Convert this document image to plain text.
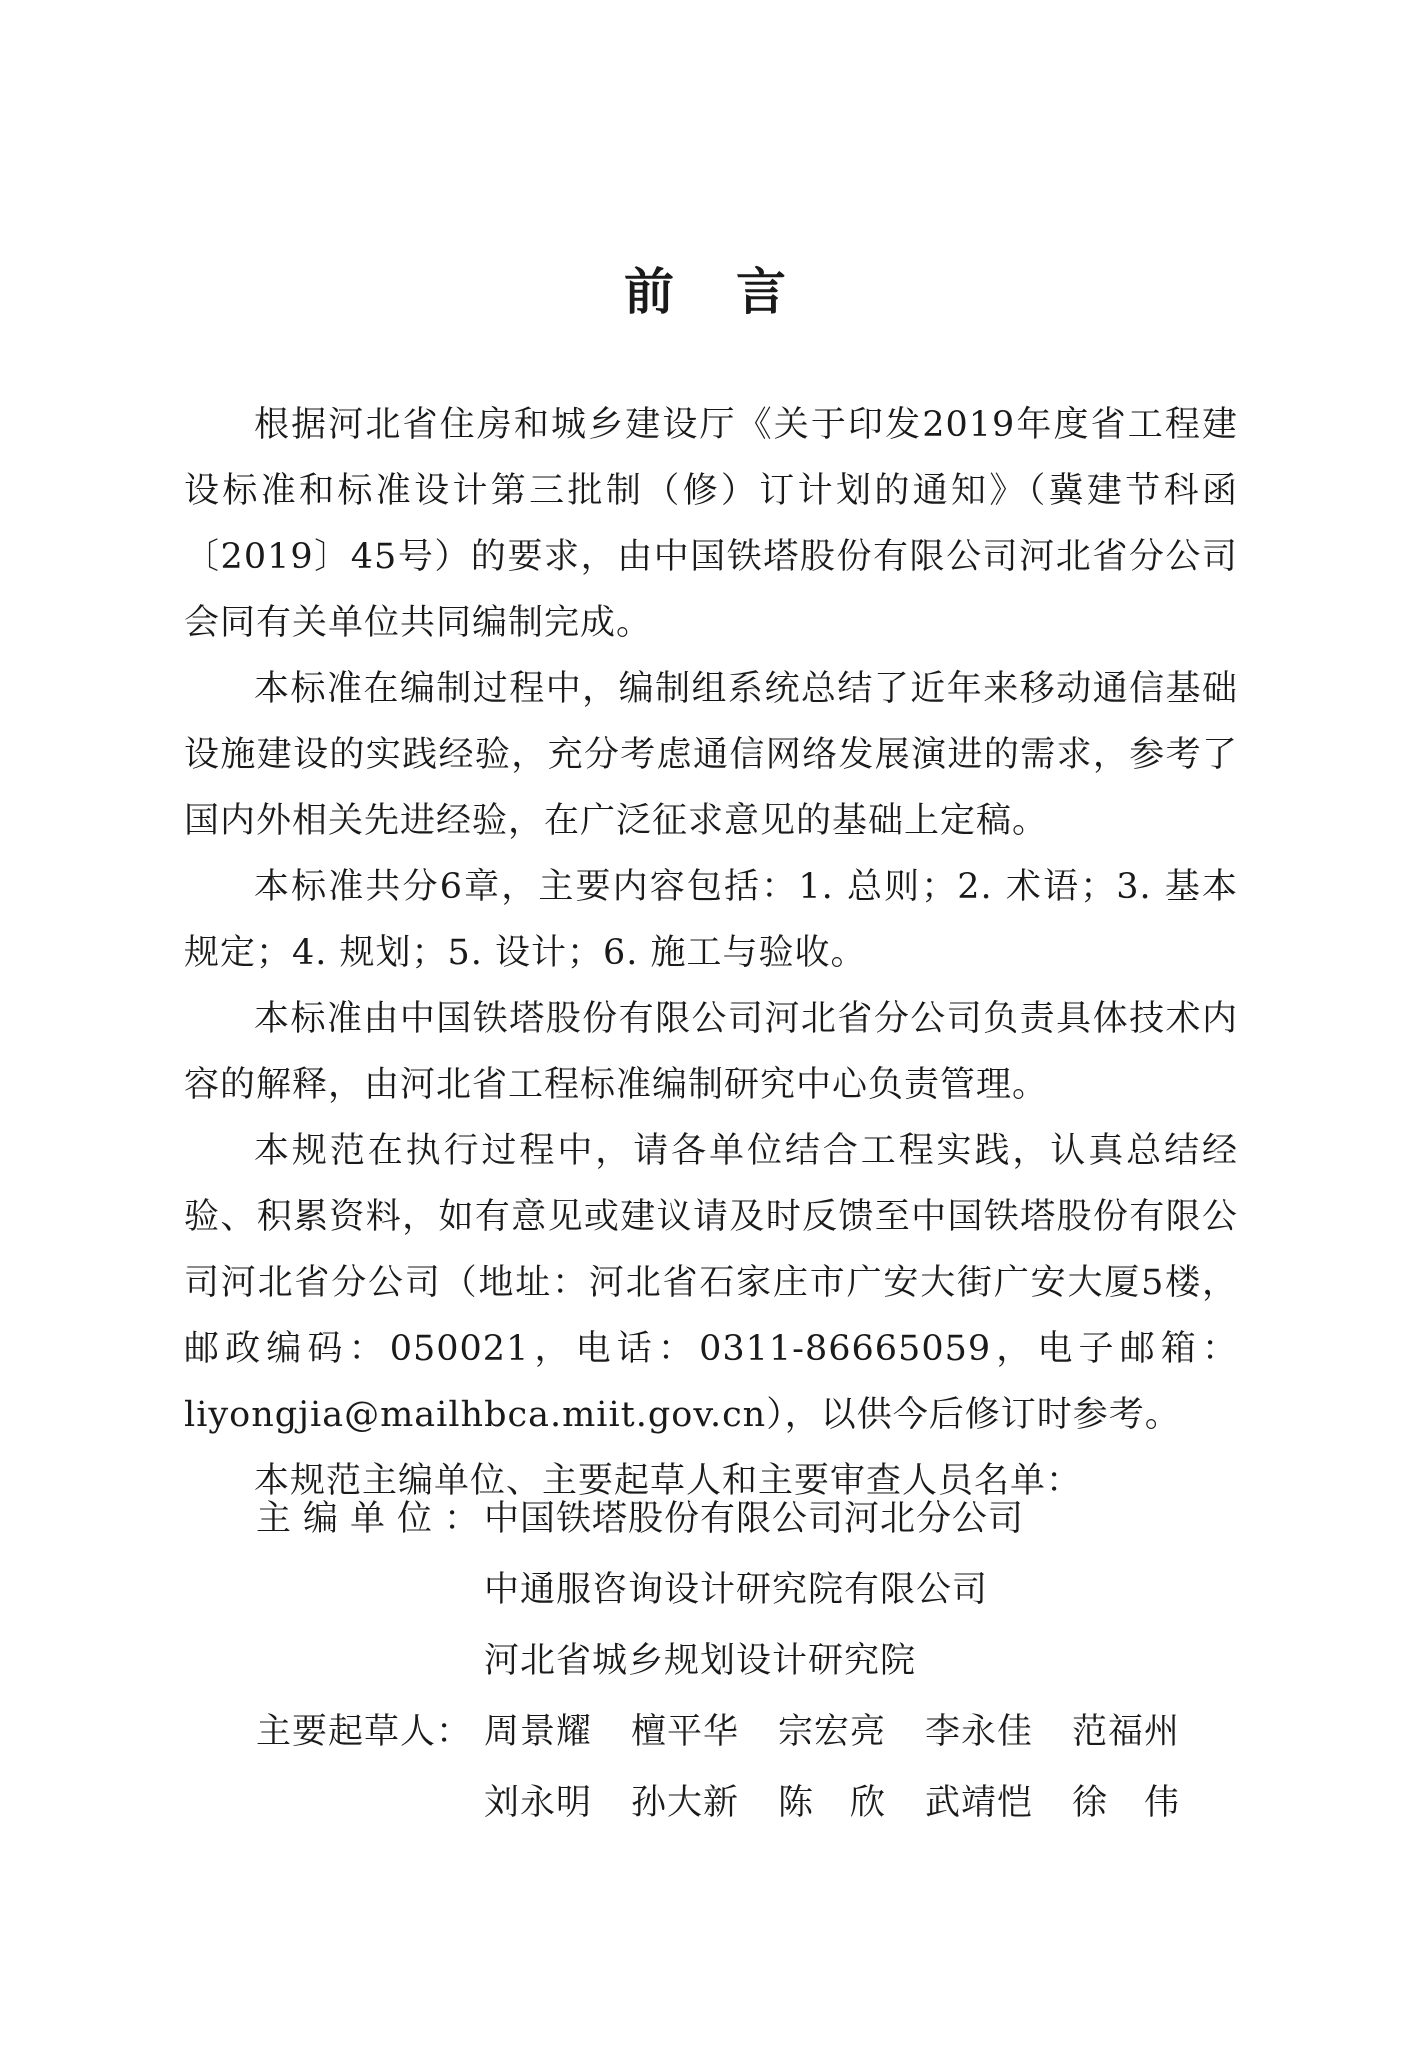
前言

根据河北省住房和城乡建设厅《关于印发2019年度省工程建设标准和标准设计第三批制（修）订计划的通知》（冀建节科函〔2019〕45号）的要求，由中国铁塔股份有限公司河北省分公司会同有关单位共同编制完成。

本标准在编制过程中，编制组系统总结了近年来移动通信基础设施建设的实践经验，充分考虑通信网络发展演进的需求，参考了国内外相关先进经验，在广泛征求意见的基础上定稿。

本标准共分6章，主要内容包括：1. 总则；2. 术语；3. 基本规定；4. 规划；5. 设计；6. 施工与验收。

本标准由中国铁塔股份有限公司河北省分公司负责具体技术内容的解释，由河北省工程标准编制研究中心负责管理。

本规范在执行过程中，请各单位结合工程实践，认真总结经验、积累资料，如有意见或建议请及时反馈至中国铁塔股份有限公司河北省分公司（地址：河北省石家庄市广安大街广安大厦5楼，邮政编码：050021，电话：0311-86665059，电子邮箱：liyongjia@mailhbca.miit.gov.cn），以供今后修订时参考。

本规范主编单位、主要起草人和主要审查人员名单：

主编单位：
中国铁塔股份有限公司河北分公司
中通服咨询设计研究院有限公司
河北省城乡规划设计研究院
主要起草人： 周景耀	檀平华	宗宏亮	李永佳	范福州
刘永明	孙大新	陈　欣	武靖恺	徐　伟
